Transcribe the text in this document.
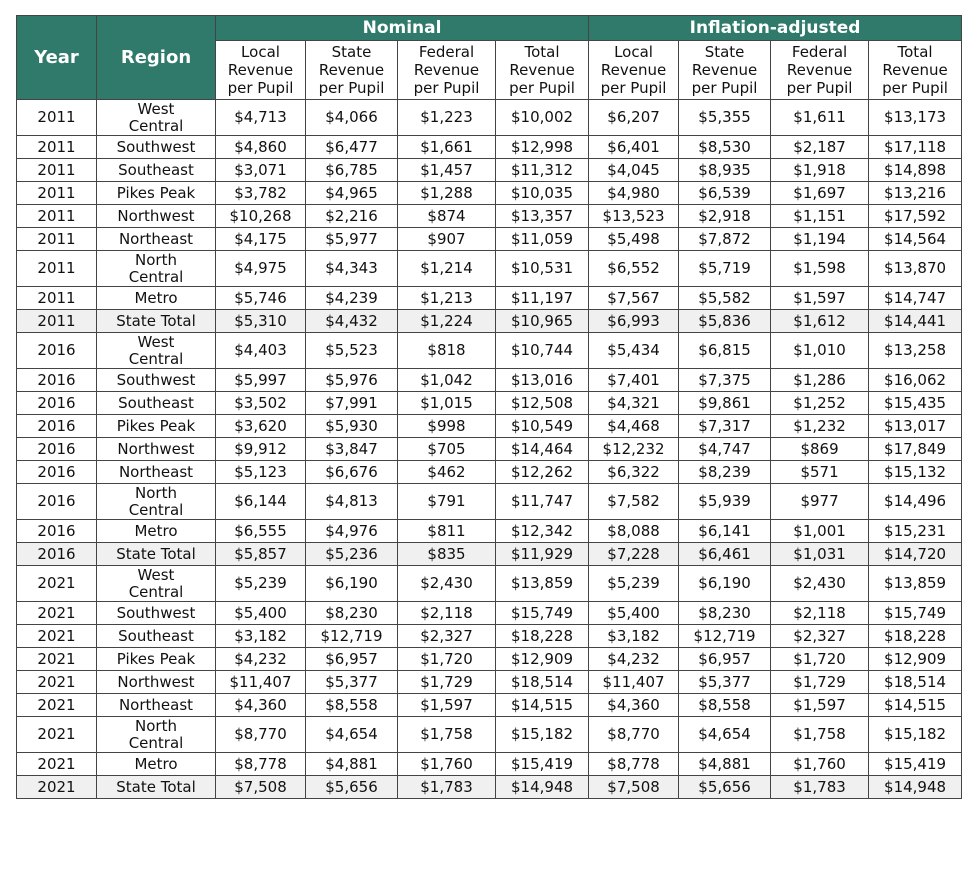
Year	Region	Nominal				Inflation-adjusted			
		Local Revenue per Pupil	State Revenue per Pupil	Federal Revenue per Pupil	Total Revenue per Pupil	Local Revenue per Pupil	State Revenue per Pupil	Federal Revenue per Pupil	Total Revenue per Pupil
2011	West Central	$4,713	$4,066	$1,223	$10,002	$6,207	$5,355	$1,611	$13,173
2011	Southwest	$4,860	$6,477	$1,661	$12,998	$6,401	$8,530	$2,187	$17,118
2011	Southeast	$3,071	$6,785	$1,457	$11,312	$4,045	$8,935	$1,918	$14,898
2011	Pikes Peak	$3,782	$4,965	$1,288	$10,035	$4,980	$6,539	$1,697	$13,216
2011	Northwest	$10,268	$2,216	$874	$13,357	$13,523	$2,918	$1,151	$17,592
2011	Northeast	$4,175	$5,977	$907	$11,059	$5,498	$7,872	$1,194	$14,564
2011	North Central	$4,975	$4,343	$1,214	$10,531	$6,552	$5,719	$1,598	$13,870
2011	Metro	$5,746	$4,239	$1,213	$11,197	$7,567	$5,582	$1,597	$14,747
2011	State Total	$5,310	$4,432	$1,224	$10,965	$6,993	$5,836	$1,612	$14,441
2016	West Central	$4,403	$5,523	$818	$10,744	$5,434	$6,815	$1,010	$13,258
2016	Southwest	$5,997	$5,976	$1,042	$13,016	$7,401	$7,375	$1,286	$16,062
2016	Southeast	$3,502	$7,991	$1,015	$12,508	$4,321	$9,861	$1,252	$15,435
2016	Pikes Peak	$3,620	$5,930	$998	$10,549	$4,468	$7,317	$1,232	$13,017
2016	Northwest	$9,912	$3,847	$705	$14,464	$12,232	$4,747	$869	$17,849
2016	Northeast	$5,123	$6,676	$462	$12,262	$6,322	$8,239	$571	$15,132
2016	North Central	$6,144	$4,813	$791	$11,747	$7,582	$5,939	$977	$14,496
2016	Metro	$6,555	$4,976	$811	$12,342	$8,088	$6,141	$1,001	$15,231
2016	State Total	$5,857	$5,236	$835	$11,929	$7,228	$6,461	$1,031	$14,720
2021	West Central	$5,239	$6,190	$2,430	$13,859	$5,239	$6,190	$2,430	$13,859
2021	Southwest	$5,400	$8,230	$2,118	$15,749	$5,400	$8,230	$2,118	$15,749
2021	Southeast	$3,182	$12,719	$2,327	$18,228	$3,182	$12,719	$2,327	$18,228
2021	Pikes Peak	$4,232	$6,957	$1,720	$12,909	$4,232	$6,957	$1,720	$12,909
2021	Northwest	$11,407	$5,377	$1,729	$18,514	$11,407	$5,377	$1,729	$18,514
2021	Northeast	$4,360	$8,558	$1,597	$14,515	$4,360	$8,558	$1,597	$14,515
2021	North Central	$8,770	$4,654	$1,758	$15,182	$8,770	$4,654	$1,758	$15,182
2021	Metro	$8,778	$4,881	$1,760	$15,419	$8,778	$4,881	$1,760	$15,419
2021	State Total	$7,508	$5,656	$1,783	$14,948	$7,508	$5,656	$1,783	$14,948
